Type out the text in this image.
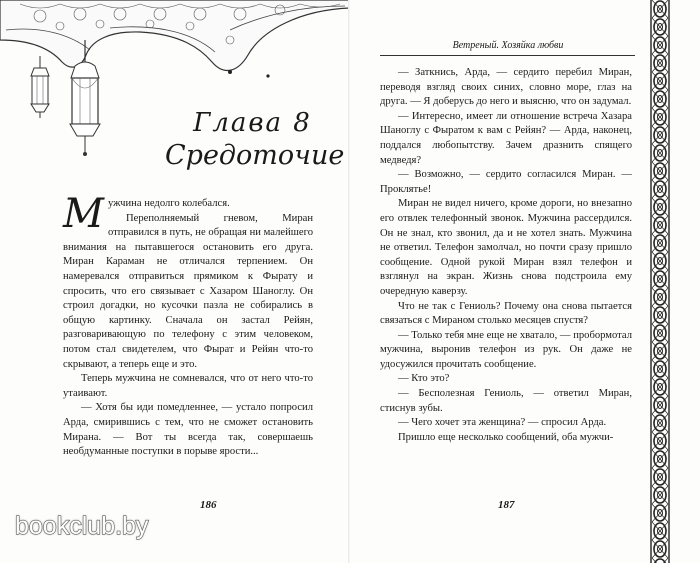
Глава 8
Средоточие

Мужчина недолго колебался.

Переполняемый гневом, Миран отправился в путь, не обращая ни малейшего внимания на пытавшегося остановить его друга. Миран Караман не отличался терпением. Он намеревался отправиться прямиком к Фырату и спросить, что его связывает с Хазаром Шаноглу. Он строил догадки, но кусочки пазла не собирались в общую картинку. Сначала он застал Рейян, разговаривающую по телефону с этим человеком, потом стал свидетелем, что Фырат и Рейян что-то скрывают, а теперь еще и это.

Теперь мужчина не сомневался, что от него что-то утаивают.

— Хотя бы иди помедленнее, — устало попросил Арда, смирившись с тем, что не сможет остановить Мирана. — Вот ты всегда так, совершаешь необдуманные поступки в порыве ярости...

186
Ветреный. Хозяйка любви

— Заткнись, Арда, — сердито перебил Миран, переводя взгляд своих синих, словно море, глаз на друга. — Я доберусь до него и выясню, что он задумал.

— Интересно, имеет ли отношение встреча Хазара Шаноглу с Фыратом к вам с Рейян? — Арда, наконец, поддался любопытству. Зачем дразнить спящего медведя?

— Возможно, — сердито согласился Миран. — Проклятье!

Миран не видел ничего, кроме дороги, но внезапно его отвлек телефонный звонок. Мужчина рассердился. Он не знал, кто звонил, да и не хотел знать. Мужчина не ответил. Телефон замолчал, но почти сразу пришло сообщение. Одной рукой Миран взял телефон и взглянул на экран. Жизнь снова подстроила ему очередную каверзу.

Что не так с Гениоль? Почему она снова пытается связаться с Мираном столько месяцев спустя?

— Только тебя мне еще не хватало, — пробормотал мужчина, выронив телефон из рук. Он даже не удосужился прочитать сообщение.

— Кто это?

— Бесполезная Гениоль, — ответил Миран, стиснув зубы.

— Чего хочет эта женщина? — спросил Арда.

Пришло еще несколько сообщений, оба мужчи-

187
bookclub.by
